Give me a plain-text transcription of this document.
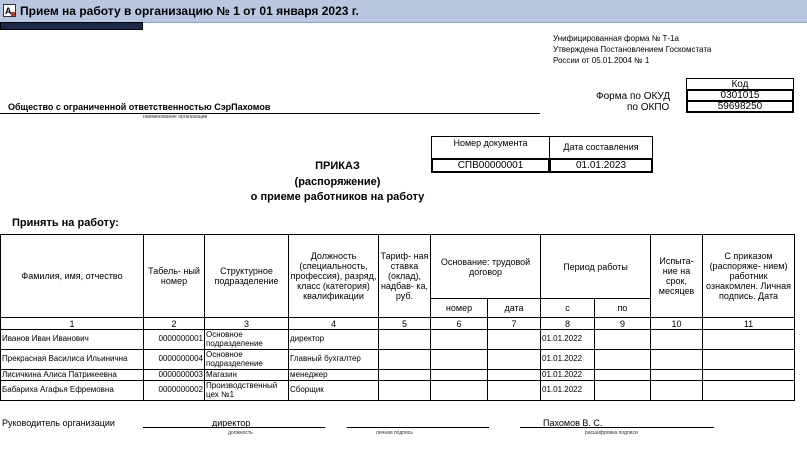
A Прием на работу в организацию № 1 от 01 января 2023 г.
Унифицированная форма № Т-1а
Утверждена Постановлением Госкомстата
России от 05.01.2004 № 1
Код
Форма по ОКУД	0301015
по ОКПО	59698250
Общество с ограниченной ответственностью СэрПахомов
наименование организации
Номер документа	Дата составления
СПВ00000001	01.01.2023
ПРИКАЗ
(распоряжение)
о приеме работников на работу
Принять на работу:
Фамилия, имя, отчество	Табель- ный номер	Структурное подразделение	Должность (специальность, профессия), разряд, класс (категория) квалификации	Тариф- ная ставка (оклад), надбав- ка, руб.	Основание: трудовой договор		Период работы		Испыта- ние на срок, месяцев	С приказом (распоряже- нием) работник ознакомлен. Личная подпись. Дата
					номер	дата	с	по		
1	2	3	4	5	6	7	8	9	10	11
Иванов Иван Иванович	0000000001	Основное подразделение	директор				01.01.2022			
Прекрасная Василиса Ильинична	0000000004	Основное подразделение	Главный бухгалтер				01.01.2022			
Лисичкина Алиса Патрикеевна	0000000003	Магазин	менеджер				01.01.2022			
Бабариха Агафья Ефремовна	0000000002	Производственный цех №1	Сборщик				01.01.2022			
Руководитель организации	директор
должность	личная подпись
Пахомов В. С.
расшифровка подписи
